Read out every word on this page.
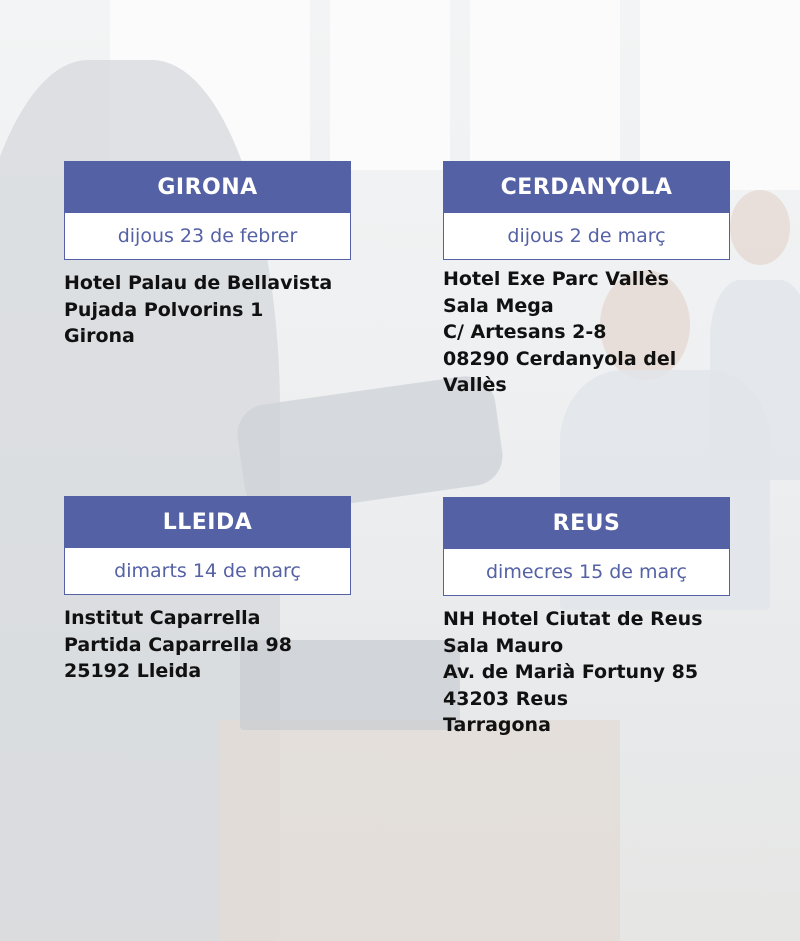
GIRONA
dijous 23 de febrer
Hotel Palau de Bellavista
Pujada Polvorins 1
Girona
CERDANYOLA
dijous 2 de març
Hotel Exe Parc Vallès
Sala Mega
C/ Artesans 2-8
08290 Cerdanyola del
Vallès
LLEIDA
dimarts 14 de març
Institut Caparrella
Partida Caparrella 98
25192 Lleida
REUS
dimecres 15 de març
NH Hotel Ciutat de Reus
Sala Mauro
Av. de Marià Fortuny 85
43203 Reus
Tarragona
